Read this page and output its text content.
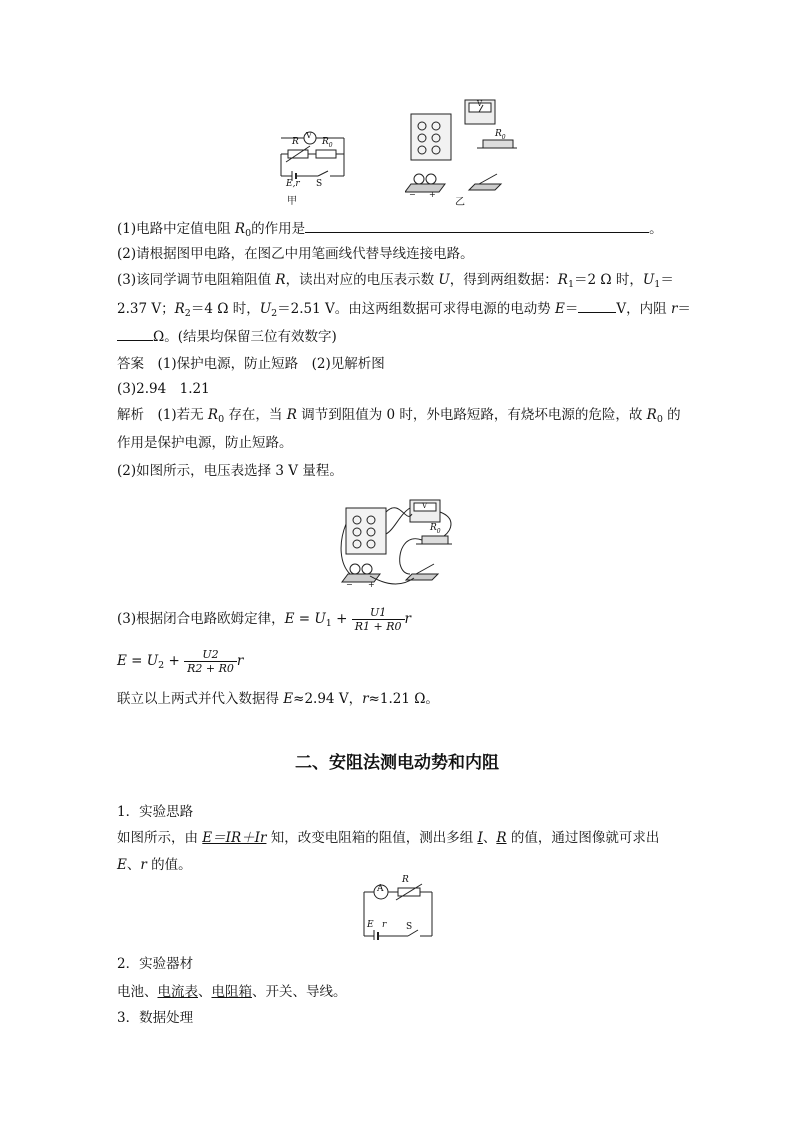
V
R	$R_0$
E,r S
甲
V
$R_0$
− +
乙
(1)电路中定值电阻 $R_0$的作用是	。
(2)请根据图甲电路，在图乙中用笔画线代替导线连接电路。
(3)该同学调节电阻箱阻值 R，读出对应的电压表示数 U，得到两组数据：$R_1=2$ Ω 时，$U_1=$
2.37 V；$R_2=4$ Ω 时，$U_2=2.51$ V。由这两组数据可求得电源的电动势 E＝	V，内阻 r＝
Ω。(结果均保留三位有效数字)
答案　 (1)保护电源，防止短路　(2)见解析图
(3)2.94　1.21
解析　 (1)若无 $R_0$ 存在，当 R 调节到阻值为 0 时，外电路短路，有烧坏电源的危险，故 $R_0$ 的
作用是保护电源，防止短路。
(2)如图所示，电压表选择 3 V 量程。
V
$R_0$
− +
(3)根据闭合电路欧姆定律，$E = U_1 + \frac{U1}{R1 + R0}$ r
$E = U_2 + \frac{U2}{R2 + R0}$ r
联立以上两式并代入数据得 E≈2.94 V，r≈1.21 Ω。
二、安阻法测电动势和内阻
1．实验思路
如图所示，由 E＝IR＋Ir 知，改变电阻箱的阻值，测出多组 I、R 的值，通过图像就可求出
E、r 的值。
A
R
E r S
2．实验器材
电池、电流表、电阻箱、开关、导线。
3．数据处理
